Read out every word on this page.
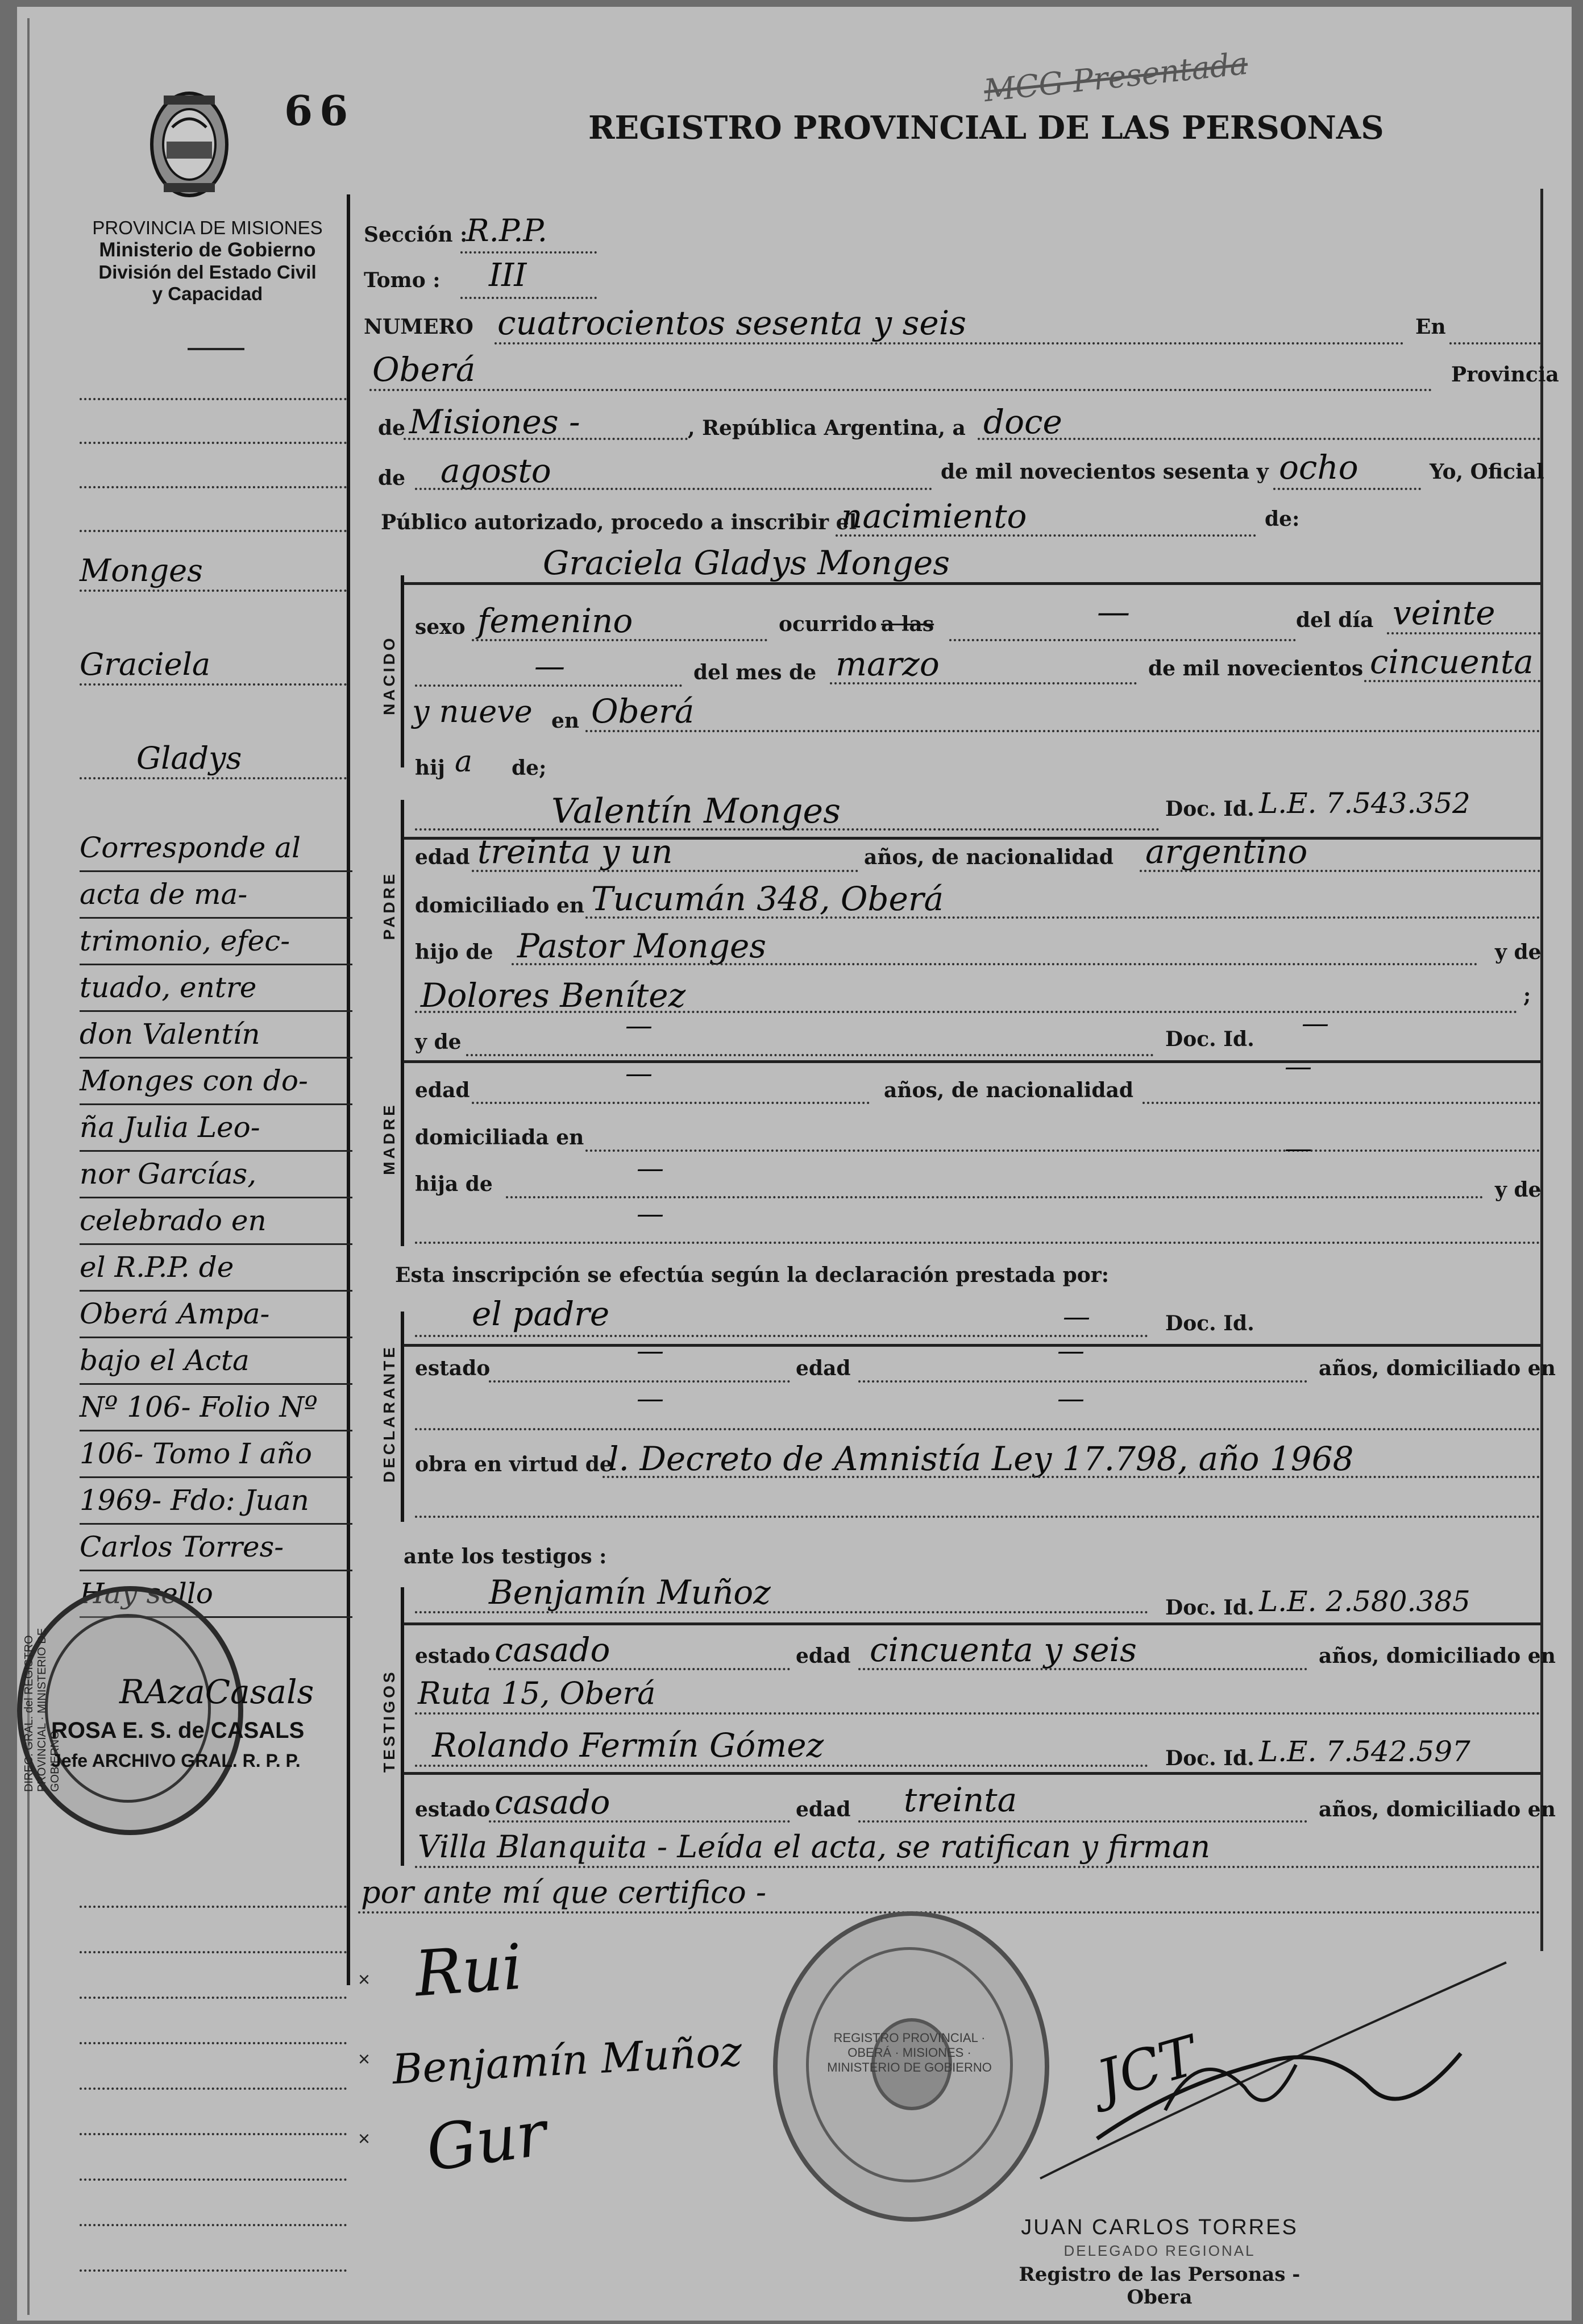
66	REGISTRO PROVINCIAL DE LAS PERSONAS
MCG Presentada
PROVINCIA DE MISIONES
Ministerio de Gobierno
División del Estado Civil
y Capacidad
Monges
Graciela
Gladys
Corresponde al
acta de ma-
trimonio, efec-
tuado, entre
don Valentín
Monges con do-
ña Julia Leo-
nor Garcías,
celebrado en
el R.P.P. de
Oberá Ampa-
bajo el Acta
Nº 106- Folio Nº
106- Tomo I año
1969- Fdo: Juan
Carlos Torres-
Hay sello
DIREC. GRAL. del REGISTRO PROVINCIAL · MINISTERIO DE GOBIERNO
RAzaCasals
ROSA E. S. de CASALS
Jefe ARCHIVO GRAL. R. P. P.
Sección :
R.P.P.
Tomo : III
NUMERO cuatrocientos sesenta y seis	En
Oberá	Provincia
de Misiones -	, República Argentina, a doce
de agosto	de mil novecientos sesenta y ocho	Yo, Oficial
Público autorizado, procedo a inscribir el
nacimiento	de:
NACIDO
Graciela Gladys Monges
sexo femenino	ocurrido a las	—	del día veinte
—	del mes de marzo	de mil novecientos cincuenta
y nueve en Oberá
hij a de;
PADRE
Valentín Monges	Doc. Id. L.E. 7.543.352
edad treinta y un	años, de nacionalidad argentino
domiciliado en Tucumán 348, Oberá
hijo de Pastor Monges	y de
Dolores Benítez	;
MADRE
y de
—	Doc. Id. —
edad
—
años, de nacionalidad
—
domiciliada en	—
hija de	—
y de
—
Esta inscripción se efectúa según la declaración prestada por:
DECLARANTE
el padre	—	Doc. Id.
estado
—
edad
—
años, domiciliado en
—	—
obra en virtud de
l. Decreto de Amnistía Ley 17.798, año 1968
ante los testigos :
TESTIGOS
Benjamín Muñoz	Doc. Id. L.E. 2.580.385
estado casado	edad cincuenta y seis	años, domiciliado en
Ruta 15, Oberá
Rolando Fermín Gómez	Doc. Id. L.E. 7.542.597
estado casado	edad treinta	años, domiciliado en
Villa Blanquita - Leída el acta, se ratifican y firman
por ante mí que certifico -
×
×
×
Rui
Benjamín Muñoz
Gur
REGISTRO PROVINCIAL · OBERÁ · MISIONES · MINISTERIO DE GOBIERNO JCT
JUAN CARLOS TORRES
DELEGADO REGIONAL
Registro de las Personas - Obera
